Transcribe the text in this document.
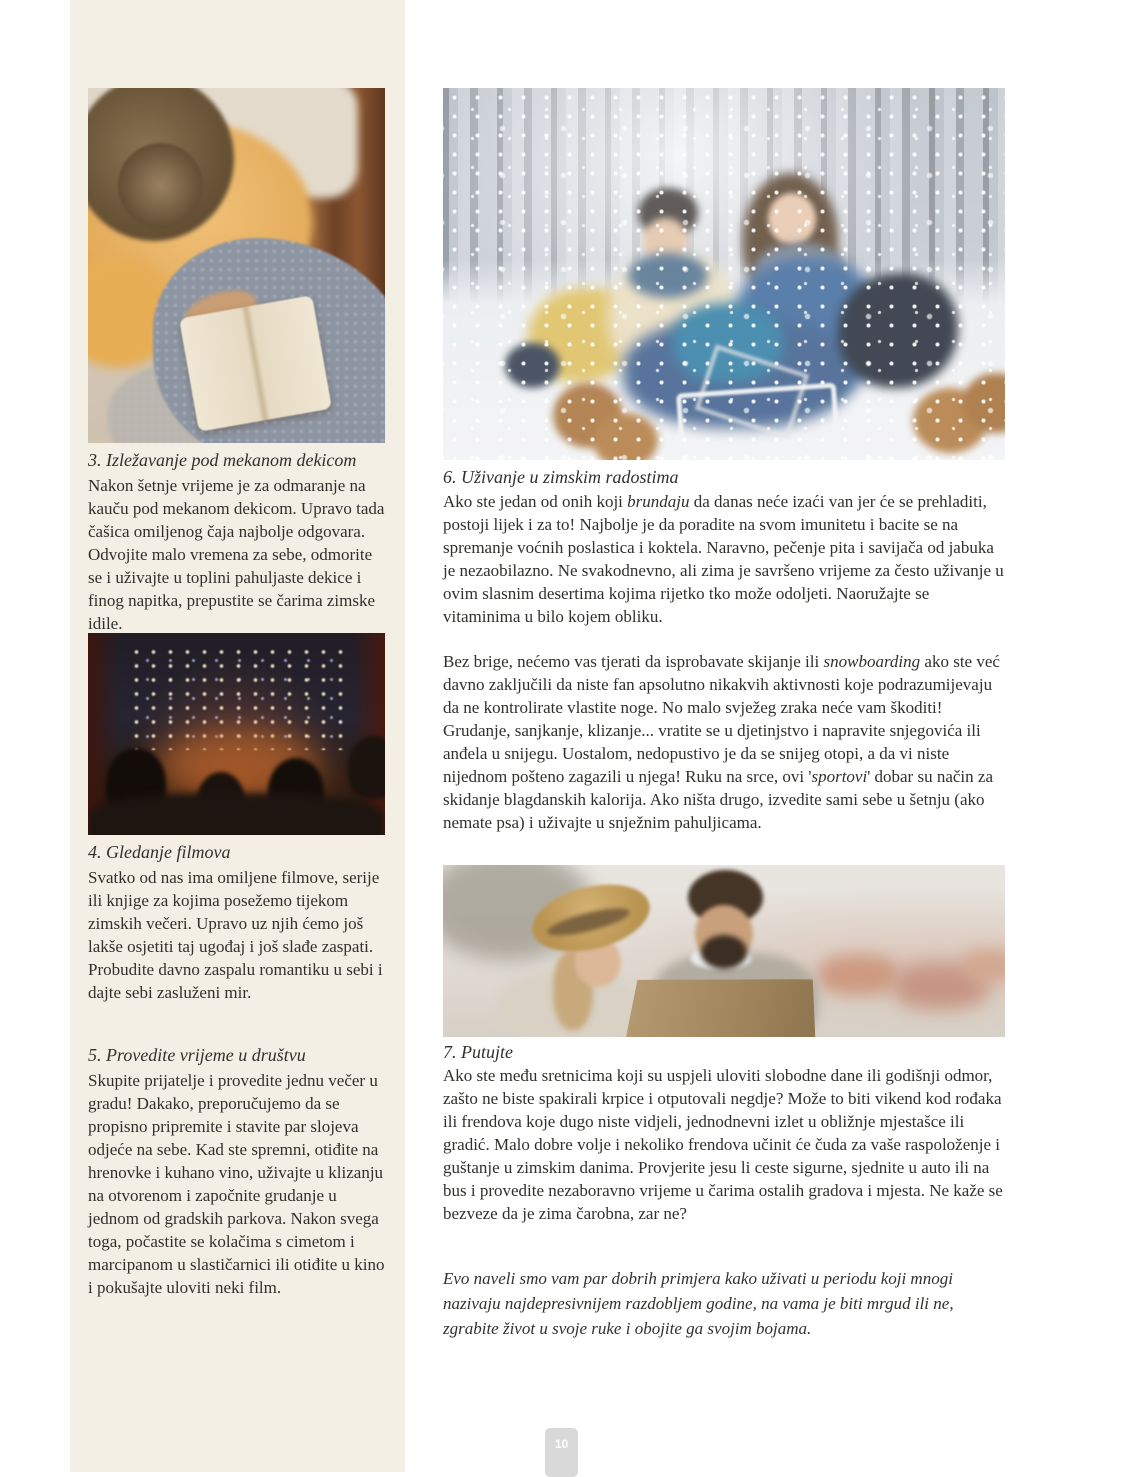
3. Izležavanje pod mekanom dekicom
Nakon šetnje vrijeme je za odmaranje na kauču pod mekanom dekicom. Upravo tada čašica omiljenog čaja najbolje odgovara. Odvojite malo vremena za sebe, odmorite se i uživajte u toplini pahuljaste dekice i finog napitka, prepustite se čarima zimske idile.
4. Gledanje filmova
Svatko od nas ima omiljene filmove, serije ili knjige za kojima posežemo tijekom zimskih večeri. Upravo uz njih ćemo još lakše osjetiti taj ugođaj i još slađe zaspati. Probudite davno zaspalu romantiku u sebi i dajte sebi zasluženi mir.
5. Provedite vrijeme u društvu
Skupite prijatelje i provedite jednu večer u gradu! Dakako, preporučujemo da se propisno pripremite i stavite par slojeva odjeće na sebe. Kad ste spremni, otiđite na hrenovke i kuhano vino, uživajte u klizanju na otvorenom i započnite grudanje u jednom od gradskih parkova. Nakon svega toga, počastite se kolačima s cimetom i marcipanom u slastičarnici ili otiđite u kino i pokušajte uloviti neki film.
6. Uživanje u zimskim radostima

Ako ste jedan od onih koji brundaju da danas neće izaći van jer će se prehladiti, postoji lijek i za to! Najbolje je da poradite na svom imunitetu i bacite se na spremanje voćnih poslastica i koktela. Naravno, pečenje pita i savijača od jabuka je nezaobilazno. Ne svakodnevno, ali zima je savršeno vrijeme za često uživanje u ovim slasnim desertima kojima rijetko tko može odoljeti. Naoružajte se vitaminima u bilo kojem obliku.

Bez brige, nećemo vas tjerati da isprobavate skijanje ili snowboarding ako ste već davno zaključili da niste fan apsolutno nikakvih aktivnosti koje podrazumijevaju da ne kontrolirate vlastite noge. No malo svježeg zraka neće vam škoditi!

Grudanje, sanjkanje, klizanje... vratite se u djetinjstvo i napravite snjegovića ili anđela u snijegu. Uostalom, nedopustivo je da se snijeg otopi, a da vi niste nijednom pošteno zagazili u njega! Ruku na srce, ovi 'sportovi' dobar su način za skidanje blagdanskih kalorija. Ako ništa drugo, izvedite sami sebe u šetnju (ako nemate psa) i uživajte u snježnim pahuljicama.

7. Putujte

Ako ste među sretnicima koji su uspjeli uloviti slobodne dane ili godišnji odmor, zašto ne biste spakirali krpice i otputovali negdje? Može to biti vikend kod rođaka ili frendova koje dugo niste vidjeli, jednodnevni izlet u obližnje mjestašce ili gradić. Malo dobre volje i nekoliko frendova učinit će čuda za vaše raspoloženje i guštanje u zimskim danima. Provjerite jesu li ceste sigurne, sjednite u auto ili na bus i provedite nezaboravno vrijeme u čarima ostalih gradova i mjesta. Ne kaže se bezveze da je zima čarobna, zar ne?

Evo naveli smo vam par dobrih primjera kako uživati u periodu koji mnogi nazivaju najdepresivnijem razdobljem godine, na vama je biti mrgud ili ne, zgrabite život u svoje ruke i obojite ga svojim bojama.
10
